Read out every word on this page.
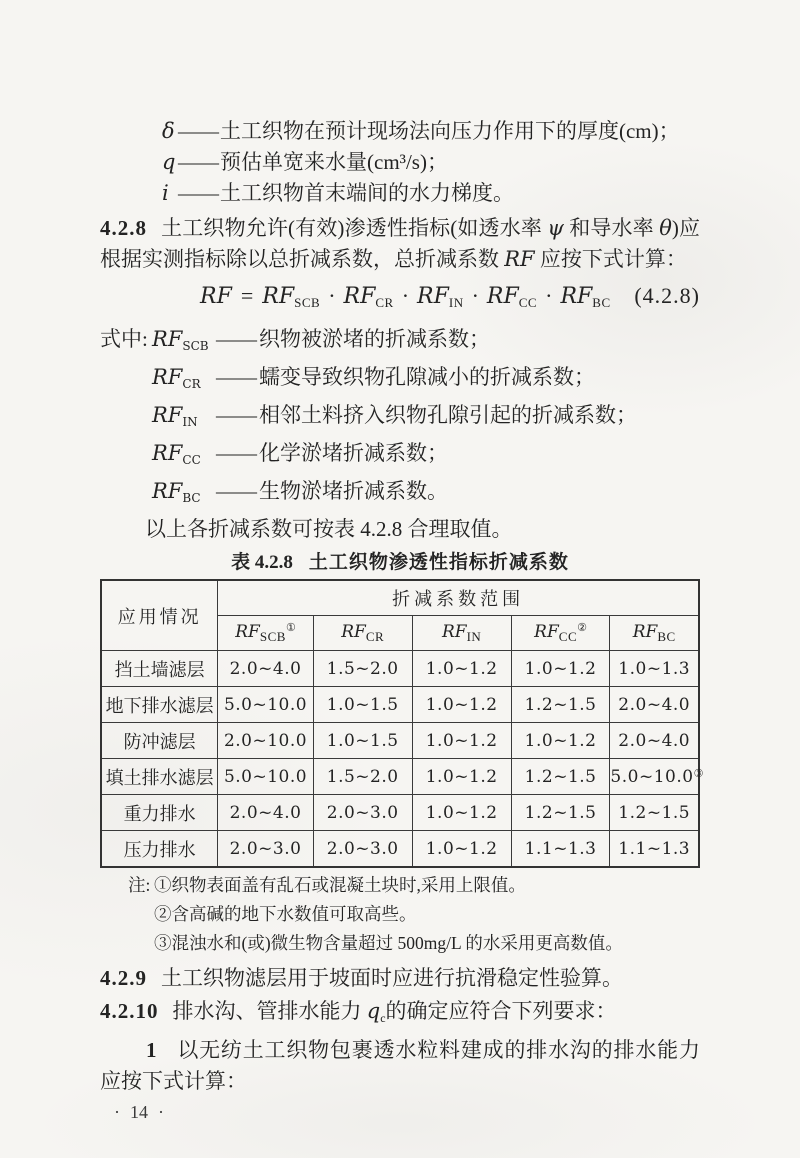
δ ——土工织物在预计现场法向压力作用下的厚度(cm)；
q ——预估单宽来水量(cm³/s)；
i ——土工织物首末端间的水力梯度。

4.2.8 土工织物允许(有效)渗透性指标(如透水率 ψ 和导水率 θ)应根据实测指标除以总折减系数，总折减系数 RF 应按下式计算：

RF = $RF_{SCB} \cdot RF_{CR} \cdot RF_{IN} \cdot RF_{CC} \cdot RF_{BC}$ (4.2.8)
式中: $RF_{SCB}$ —— 织物被淤堵的折减系数；
$RF_{CR}$ —— 蠕变导致织物孔隙减小的折减系数；
$RF_{IN}$ —— 相邻土料挤入织物孔隙引起的折减系数；
$RF_{CC}$ —— 化学淤堵折减系数；
$RF_{BC}$ —— 生物淤堵折减系数。

以上各折减系数可按表 4.2.8 合理取值。

表 4.2.8 土工织物渗透性指标折减系数

应用情况	折减系数范围				
	$RF_{SCB}^①$	$RF_{CR}$	$RF_{IN}$	$RF_{CC}^②$	$RF_{BC}$
挡土墙滤层	2.0~4.0	1.5~2.0	1.0~1.2	1.0~1.2	1.0~1.3
地下排水滤层	5.0~10.0	1.0~1.5	1.0~1.2	1.2~1.5	2.0~4.0
防冲滤层	2.0~10.0	1.0~1.5	1.0~1.2	1.0~1.2	2.0~4.0
填土排水滤层	5.0~10.0	1.5~2.0	1.0~1.2	1.2~1.5	5.0~10.0③
重力排水	2.0~4.0	2.0~3.0	1.0~1.2	1.2~1.5	1.2~1.5
压力排水	2.0~3.0	2.0~3.0	1.0~1.2	1.1~1.3	1.1~1.3
注: ①织物表面盖有乱石或混凝土块时,采用上限值。
②含高碱的地下水数值可取高些。
③混浊水和(或)微生物含量超过 500mg/L 的水采用更高数值。

4.2.9 土工织物滤层用于坡面时应进行抗滑稳定性验算。

4.2.10 排水沟、管排水能力 $q_c$的确定应符合下列要求：

1 以无纺土工织物包裹透水粒料建成的排水沟的排水能力应按下式计算：

· 14 ·
